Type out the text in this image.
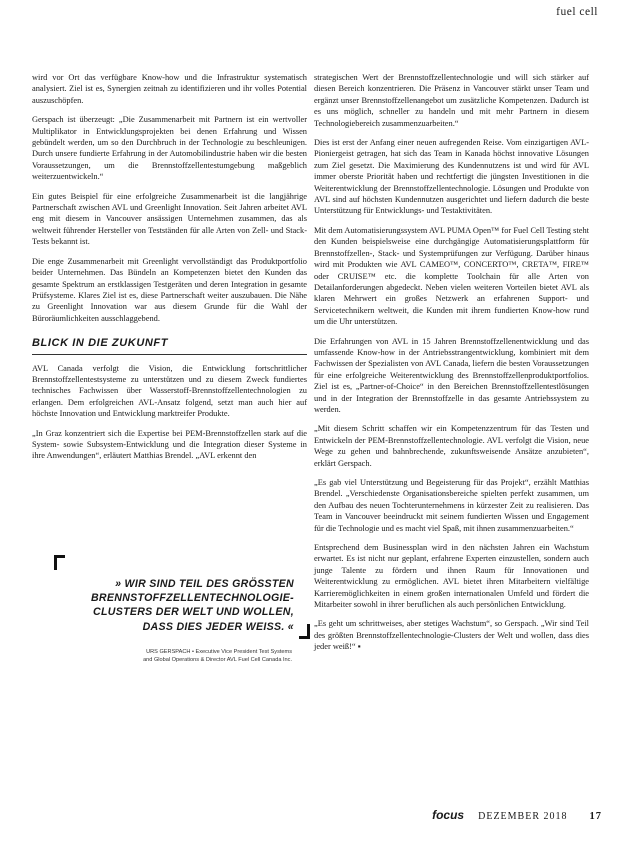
fuel cell

wird vor Ort das verfügbare Know-how und die Infrastruktur systematisch analysiert. Ziel ist es, Synergien zeitnah zu identifizieren und ihr volles Potential auszuschöpfen.

Gerspach ist überzeugt: „Die Zusammenarbeit mit Partnern ist ein wertvoller Multiplikator in Entwicklungsprojekten bei denen Erfahrung und Wissen gebündelt werden, um so den Durchbruch in der Technologie zu beschleunigen. Durch unsere fundierte Erfahrung in der Automobilindustrie haben wir die besten Voraussetzungen, um die Brennstoffzellentestumgebung maßgeblich weiterzuentwickeln.“

Ein gutes Beispiel für eine erfolgreiche Zusammenarbeit ist die langjährige Partnerschaft zwischen AVL und Greenlight Innovation. Seit Jahren arbeitet AVL eng mit diesem in Vancouver ansässigen Unternehmen zusammen, das als weltweit führender Hersteller von Testständen für alle Arten von Zell- und Stack-Tests bekannt ist.

Die enge Zusammenarbeit mit Greenlight vervollständigt das Produktportfolio beider Unternehmen. Das Bündeln an Kompetenzen bietet den Kunden das gesamte Spektrum an erstklassigen Testgeräten und deren Integration in gesamte Prüfsysteme. Klares Ziel ist es, diese Partnerschaft weiter auszubauen. Die Nähe zu Greenlight Innovation war aus diesem Grunde für die Wahl der Büroräumlichkeiten ausschlaggebend.

BLICK IN DIE ZUKUNFT

AVL Canada verfolgt die Vision, die Entwicklung fortschrittlicher Brennstoffzellentestsysteme zu unterstützen und zu diesem Zweck fundiertes technisches Fachwissen über Wasserstoff-Brennstoffzellentechnologien zu erlangen. Dem erfolgreichen AVL-Ansatz folgend, setzt man auch hier auf höchste Innovation und Entwicklung marktreifer Produkte.

„In Graz konzentriert sich die Expertise bei PEM-Brennstoffzellen stark auf die System- sowie Subsystem-Entwicklung und die Integration dieser Systeme in ihre Anwendungen“, erläutert Matthias Brendel. „AVL erkennt den

» WIR SIND TEIL DES GRÖSSTEN
BRENNSTOFFZELLENTECHNOLOGIE-
CLUSTERS DER WELT UND WOLLEN,
DASS DIES JEDER WEISS. «
URS GERSPACH • Executive Vice President Test Systems
and Global Operations & Director AVL Fuel Cell Canada Inc.

strategischen Wert der Brennstoffzellentechnologie und will sich stärker auf diesen Bereich konzentrieren. Die Präsenz in Vancouver stärkt unser Team und ergänzt unser Brennstoffzellenangebot um zusätzliche Kompetenzen. Dadurch ist es uns möglich, schneller zu handeln und mit mehr Partnern in diesem Technologiebereich zusammenzuarbeiten.“

Dies ist erst der Anfang einer neuen aufregenden Reise. Vom einzigartigen AVL-Pioniergeist getragen, hat sich das Team in Kanada höchst innovative Lösungen zum Ziel gesetzt. Die Maximierung des Kundennutzens ist und wird für AVL immer oberste Priorität haben und rechtfertigt die jüngsten Investitionen in die Weiterentwicklung der Brennstoffzellentechnologie. Lösungen und Produkte von AVL sind auf höchsten Kundennutzen ausgerichtet und liefern dadurch die beste Unterstützung für Entwicklungs- und Testaktivitäten.

Mit dem Automatisierungssystem AVL PUMA Open™ for Fuel Cell Testing steht den Kunden beispielsweise eine durchgängige Automatisierungsplattform für Brennstoffzellen-, Stack- und Systemprüfungen zur Verfügung. Darüber hinaus wird mit Produkten wie AVL CAMEO™, CONCERTO™, CRETA™, FIRE™ oder CRUISE™ etc. die komplette Toolchain für alle Arten von Detailanforderungen abgedeckt. Neben vielen weiteren Vorteilen bietet AVL als klaren Mehrwert ein großes Netzwerk an erfahrenen Support- und Servicetechnikern weltweit, die Kunden mit ihrem fundierten Know-how rund um die Uhr unterstützen.

Die Erfahrungen von AVL in 15 Jahren Brennstoffzellenentwicklung und das umfassende Know-how in der Antriebsstrangentwicklung, kombiniert mit dem Fachwissen der Spezialisten von AVL Canada, liefern die besten Voraussetzungen für eine erfolgreiche Weiterentwicklung des Brennstoffzellenproduktportfolios. Ziel ist es, „Partner-of-Choice“ in den Bereichen Brennstoffzellentestlösungen und in der Integration der Brennstoffzelle in das gesamte Antriebssystem zu werden.

„Mit diesem Schritt schaffen wir ein Kompetenzzentrum für das Testen und Entwickeln der PEM-Brennstoffzellentechnologie. AVL verfolgt die Vision, neue Wege zu gehen und bahnbrechende, zukunftsweisende Ansätze anzubieten“, erklärt Gerspach.

„Es gab viel Unterstützung und Begeisterung für das Projekt“, erzählt Matthias Brendel. „Verschiedenste Organisationsbereiche spielten perfekt zusammen, um den Aufbau des neuen Tochterunternehmens in kürzester Zeit zu realisieren. Das Team in Vancouver beeindruckt mit seinem fundierten Wissen und Engagement für die Technologie und es macht viel Spaß, mit ihnen zusammenzuarbeiten.“

Entsprechend dem Businessplan wird in den nächsten Jahren ein Wachstum erwartet. Es ist nicht nur geplant, erfahrene Experten einzustellen, sondern auch junge Talente zu fördern und ihnen Raum für Innovationen und Weiterentwicklung zu ermöglichen. AVL bietet ihren Mitarbeitern vielfältige Karrieremöglichkeiten in einem großen internationalen Umfeld und fördert die Mitarbeiter sowohl in ihrer beruflichen als auch persönlichen Entwicklung.

„Es geht um schrittweises, aber stetiges Wachstum“, so Gerspach. „Wir sind Teil des größten Brennstoffzellentechnologie-Clusters der Welt und wollen, dass dies jeder weiß!“ ▪

focus DEZEMBER 2018 17
